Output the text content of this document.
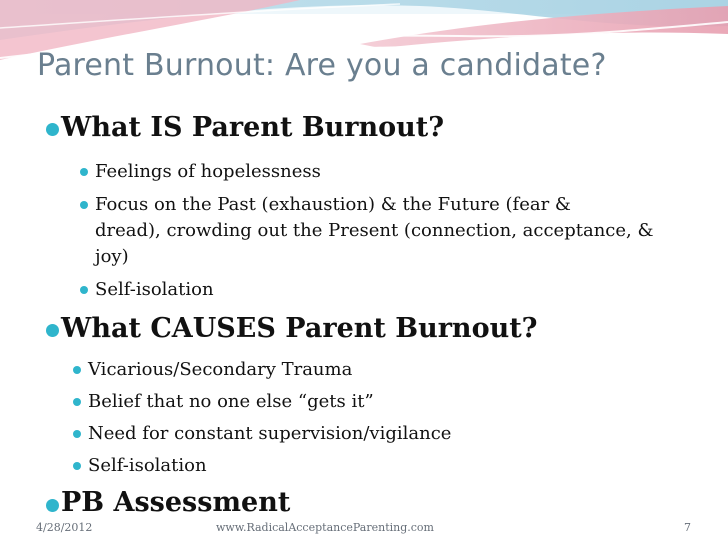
Parent Burnout: Are you a candidate?
What IS Parent Burnout?
Feelings of hopelessness
Focus on the Past (exhaustion) & the Future (fear &
dread), crowding out the Present (connection, acceptance, &
joy)
Self-isolation
What CAUSES Parent Burnout?
Vicarious/Secondary Trauma
Belief that no one else “gets it”
Need for constant supervision/vigilance
Self-isolation
PB Assessment
4/28/2012	www.RadicalAcceptanceParenting.com	7
